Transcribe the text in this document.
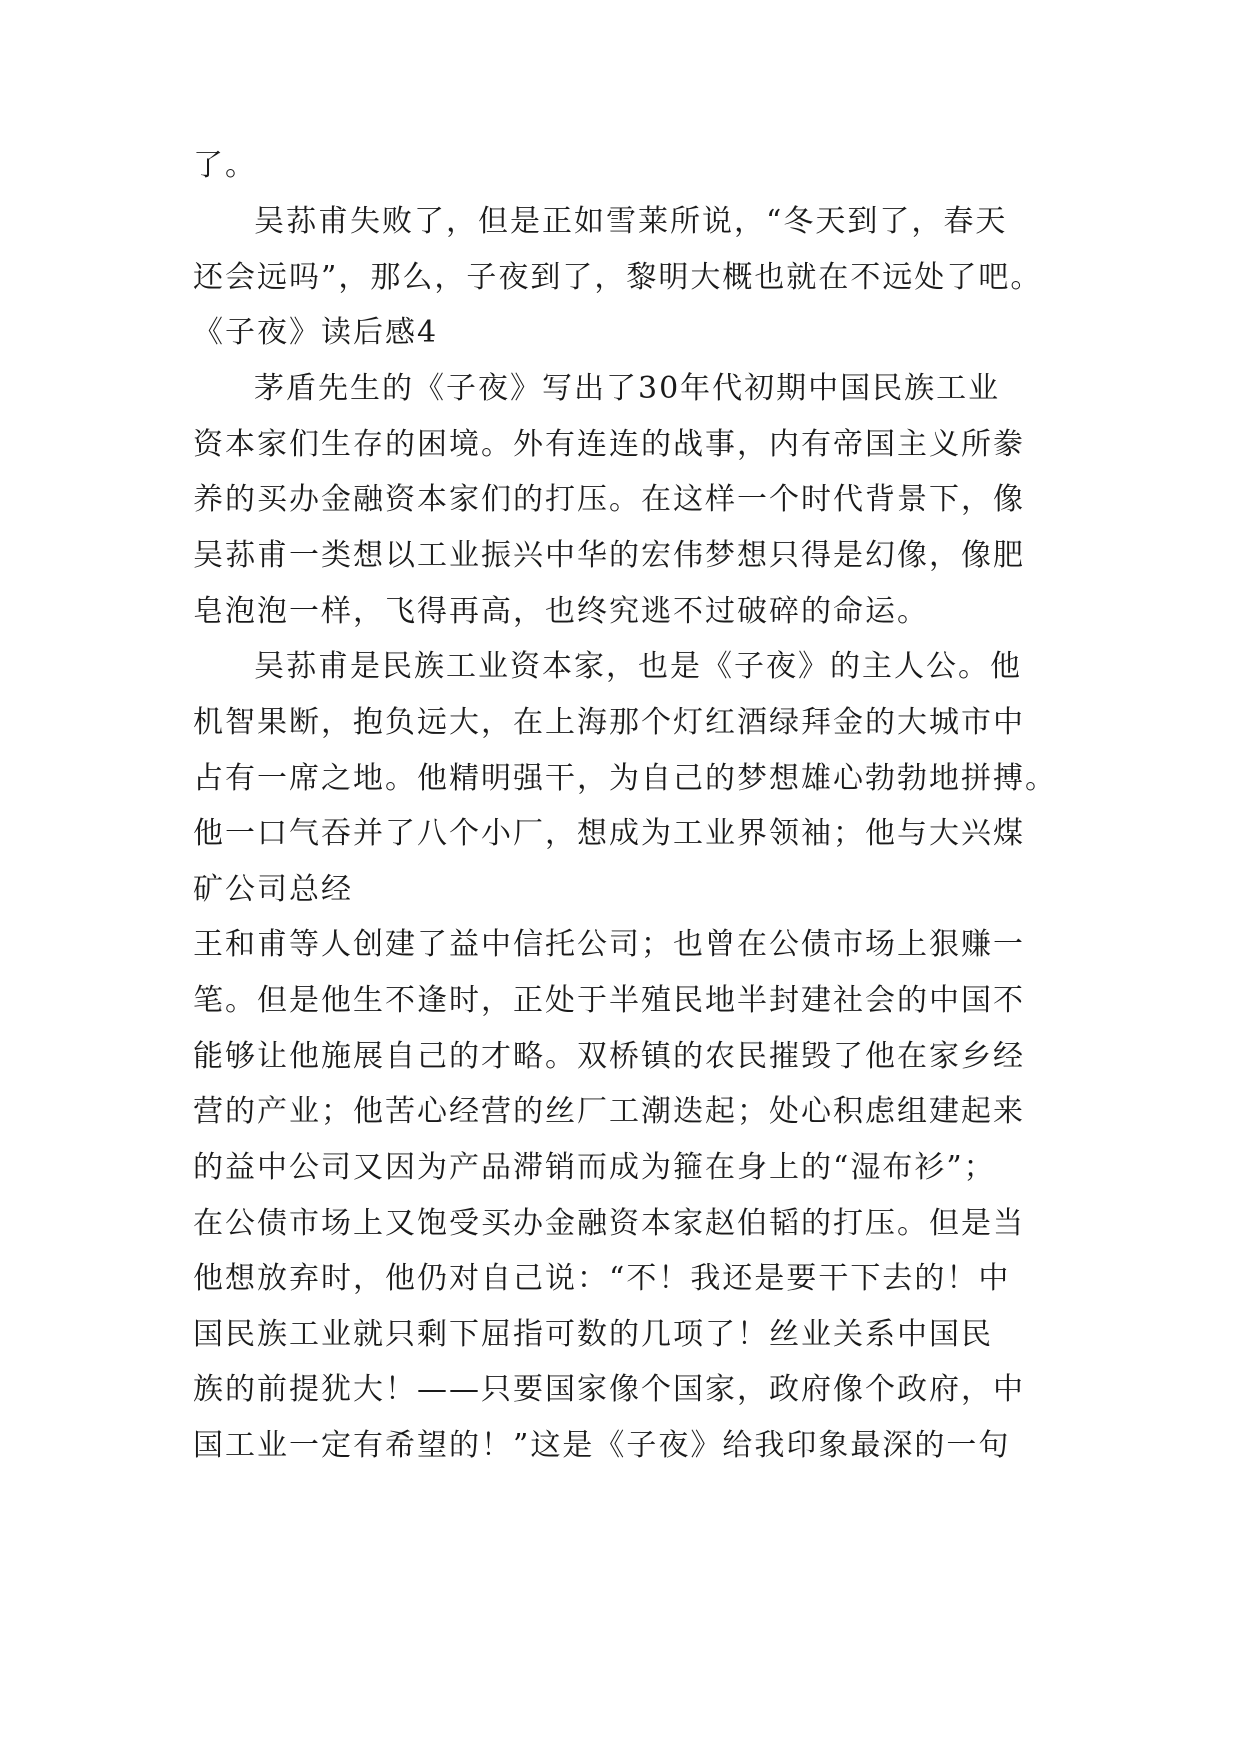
了。
吴荪甫失败了，但是正如雪莱所说，“冬天到了，春天
还会远吗”，那么，子夜到了，黎明大概也就在不远处了吧。
《子夜》读后感4
茅盾先生的《子夜》写出了30年代初期中国民族工业
资本家们生存的困境。外有连连的战事，内有帝国主义所豢
养的买办金融资本家们的打压。在这样一个时代背景下，像
吴荪甫一类想以工业振兴中华的宏伟梦想只得是幻像，像肥
皂泡泡一样，飞得再高，也终究逃不过破碎的命运。
吴荪甫是民族工业资本家，也是《子夜》的主人公。他
机智果断，抱负远大，在上海那个灯红酒绿拜金的大城市中
占有一席之地。他精明强干，为自己的梦想雄心勃勃地拼搏。
他一口气吞并了八个小厂，想成为工业界领袖；他与大兴煤
矿公司总经
王和甫等人创建了益中信托公司；也曾在公债市场上狠赚一
笔。但是他生不逢时，正处于半殖民地半封建社会的中国不
能够让他施展自己的才略。双桥镇的农民摧毁了他在家乡经
营的产业；他苦心经营的丝厂工潮迭起；处心积虑组建起来
的益中公司又因为产品滞销而成为箍在身上的“湿布衫”；
在公债市场上又饱受买办金融资本家赵伯韬的打压。但是当
他想放弃时，他仍对自己说：“不！我还是要干下去的！中
国民族工业就只剩下屈指可数的几项了！丝业关系中国民
族的前提犹大！——只要国家像个国家，政府像个政府，中
国工业一定有希望的！”这是《子夜》给我印象最深的一句
